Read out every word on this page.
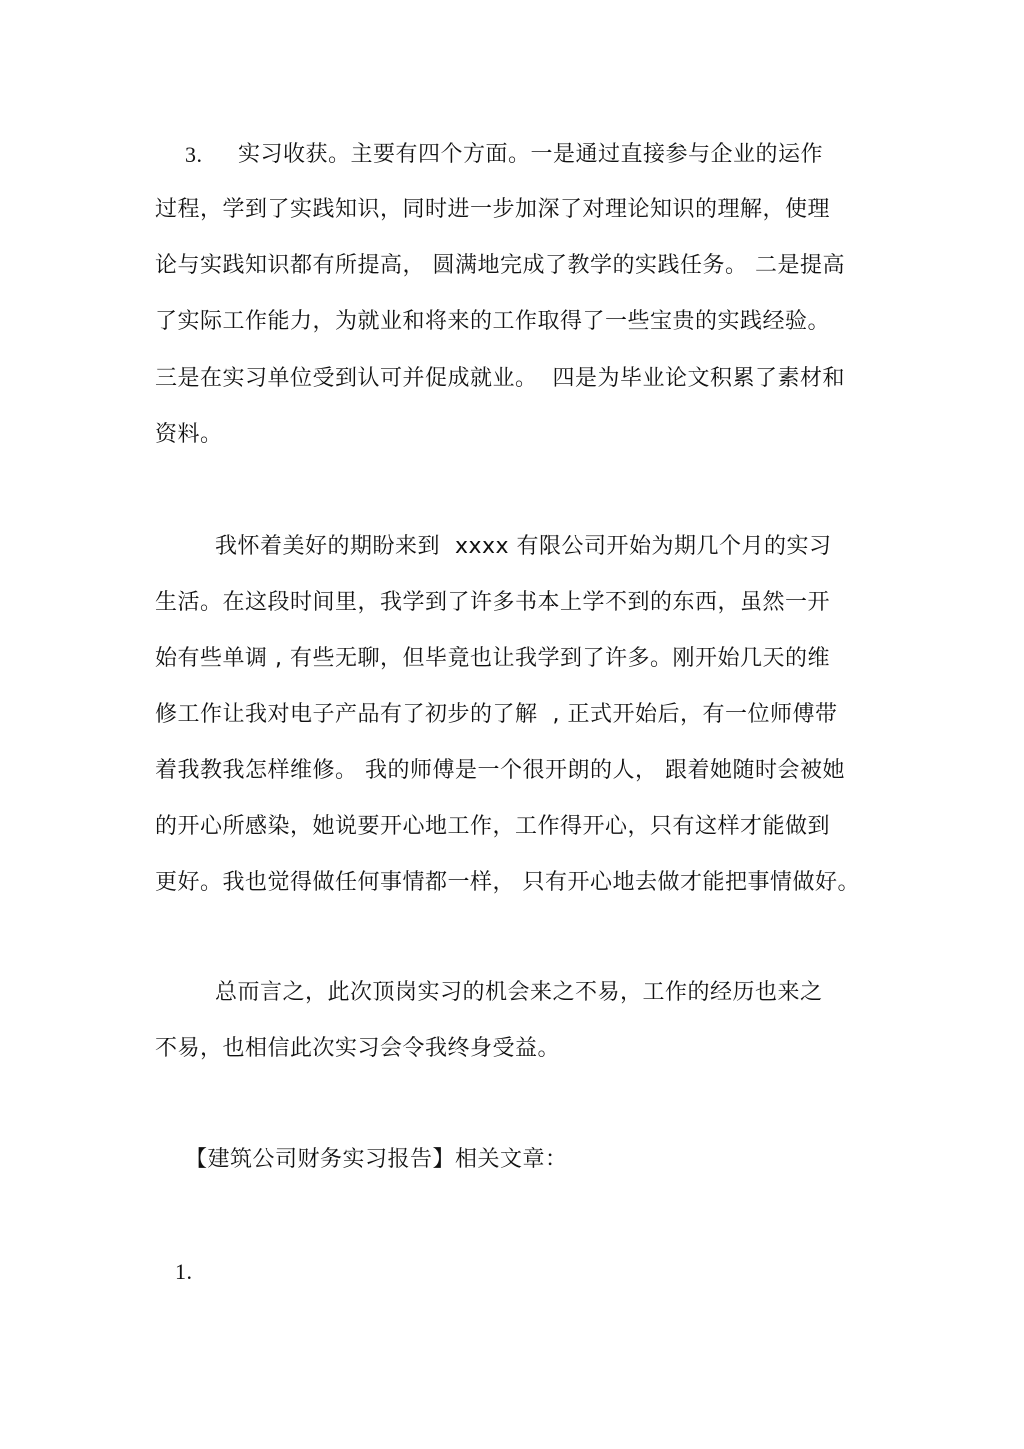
3. 实习收获。主要有四个方面。一是通过直接参与企业的运作
过程，学到了实践知识，同时进一步加深了对理论知识的理解，使理
论与实践知识都有所提高， 圆满地完成了教学的实践任务。 二是提高
了实际工作能力，为就业和将来的工作取得了一些宝贵的实践经验。
三是在实习单位受到认可并促成就业。  四是为毕业论文积累了素材和
资料。
我怀着美好的期盼来到  xxxx 有限公司开始为期几个月的实习
生活。在这段时间里，我学到了许多书本上学不到的东西，虽然一开
始有些单调 , 有些无聊，但毕竟也让我学到了许多。刚开始几天的维
修工作让我对电子产品有了初步的了解  , 正式开始后，有一位师傅带
着我教我怎样维修。 我的师傅是一个很开朗的人， 跟着她随时会被她
的开心所感染，她说要开心地工作，工作得开心，只有这样才能做到
更好。我也觉得做任何事情都一样， 只有开心地去做才能把事情做好。
总而言之，此次顶岗实习的机会来之不易，工作的经历也来之
不易，也相信此次实习会令我终身受益。
【建筑公司财务实习报告】相关文章：
1.
